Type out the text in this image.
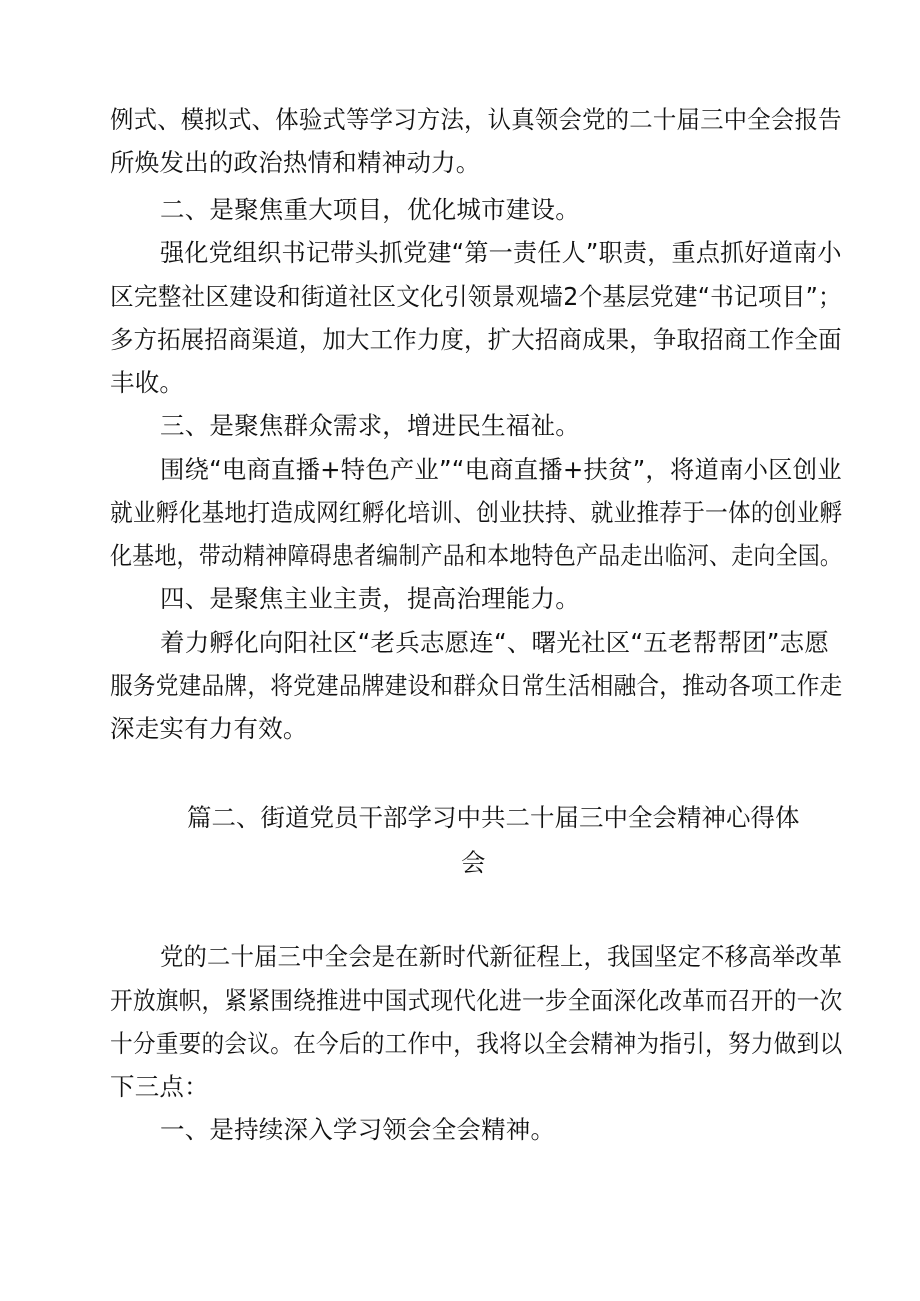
例式、模拟式、体验式等学习方法，认真领会党的二十届三中全会报告
所焕发出的政治热情和精神动力。
二、是聚焦重大项目，优化城市建设。
强化党组织书记带头抓党建“第一责任人”职责，重点抓好道南小
区完整社区建设和街道社区文化引领景观墙2个基层党建“书记项目”；
多方拓展招商渠道，加大工作力度，扩大招商成果，争取招商工作全面
丰收。
三、是聚焦群众需求，增进民生福祉。
围绕“电商直播+特色产业”“电商直播+扶贫”，将道南小区创业
就业孵化基地打造成网红孵化培训、创业扶持、就业推荐于一体的创业孵
化基地，带动精神障碍患者编制产品和本地特色产品走出临河、走向全国。
四、是聚焦主业主责，提高治理能力。
着力孵化向阳社区“老兵志愿连“、曙光社区“五老帮帮团”志愿
服务党建品牌，将党建品牌建设和群众日常生活相融合，推动各项工作走
深走实有力有效。
篇二、街道党员干部学习中共二十届三中全会精神心得体
会
党的二十届三中全会是在新时代新征程上，我国坚定不移高举改革
开放旗帜，紧紧围绕推进中国式现代化进一步全面深化改革而召开的一次
十分重要的会议。在今后的工作中，我将以全会精神为指引，努力做到以
下三点：
一、是持续深入学习领会全会精神。
